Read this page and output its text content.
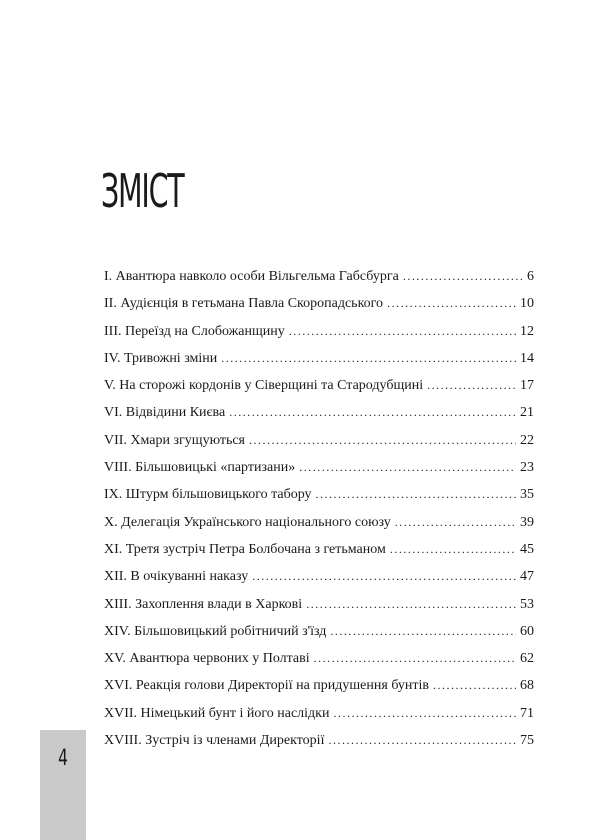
ЗМІСТ
I. Авантюра навколо особи Вільгельма Габсбурга .....	6
II. Аудієнція в гетьмана Павла Скоропадського .....	10
III. Переїзд на Слобожанщину .....	12
IV. Тривожні зміни .....	14
V. На сторожі кордонів у Сіверщині та Стародубщині .....	17
VI. Відвідини Києва .....	21
VII. Хмари згущуються .....	22
VIII. Більшовицькі «партизани» .....	23
IX. Штурм більшовицького табору .....	35
X. Делегація Українського національного союзу .....	39
XI. Третя зустріч Петра Болбочана з гетьманом .....	45
XII. В очікуванні наказу .....	47
XIII. Захоплення влади в Харкові .....	53
XIV. Більшовицький робітничий з'їзд .....	60
XV. Авантюра червоних у Полтаві .....	62
XVI. Реакція голови Директорії на придушення бунтів .....	68
XVII. Німецький бунт і його наслідки .....	71
XVIII. Зустріч із членами Директорії .....	75
4
